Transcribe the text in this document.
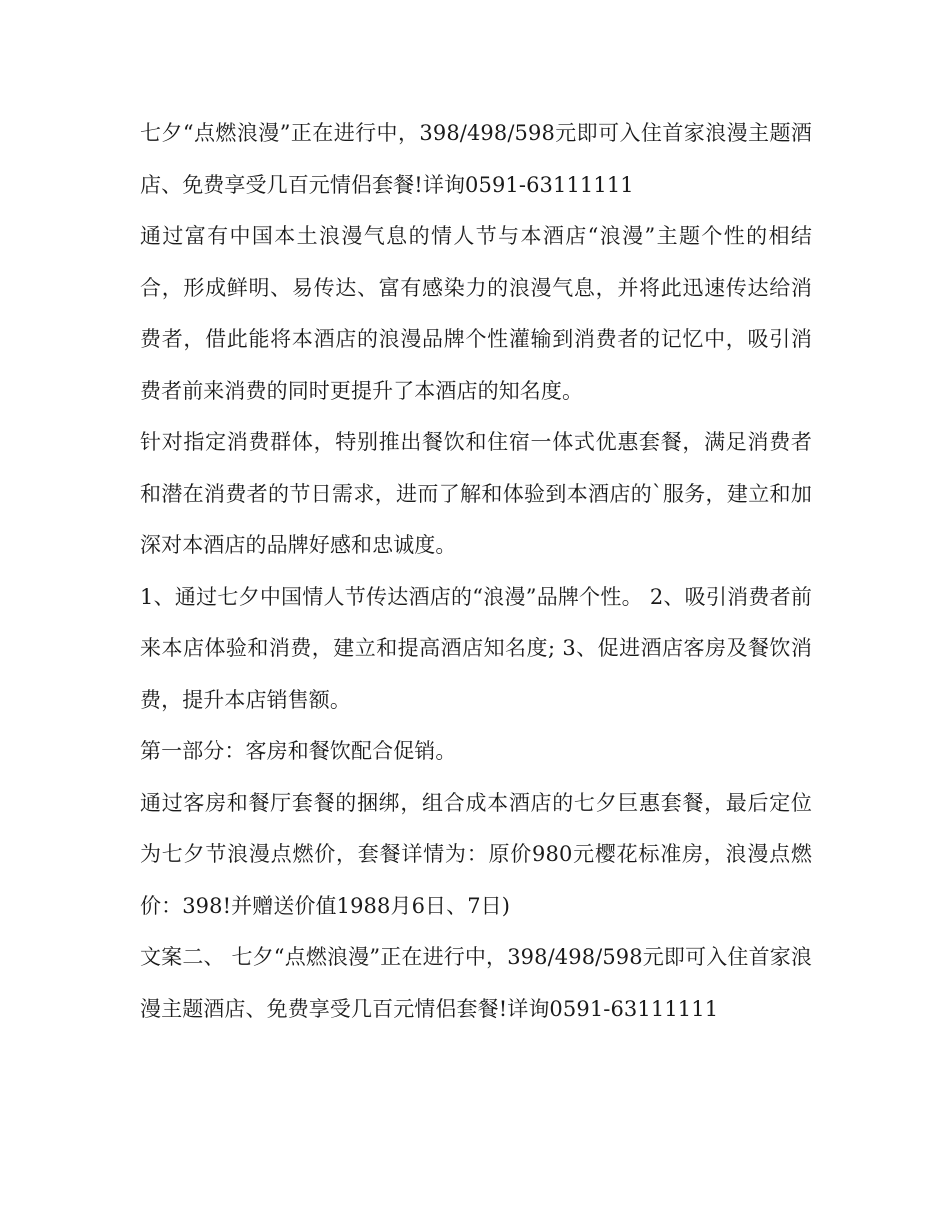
七夕“点燃浪漫”正在进行中，398/498/598元即可入住首家浪漫主题酒店、免费享受几百元情侣套餐!详询0591-63111111

通过富有中国本土浪漫气息的情人节与本酒店“浪漫”主题个性的相结合，形成鲜明、易传达、富有感染力的浪漫气息，并将此迅速传达给消费者，借此能将本酒店的浪漫品牌个性灌输到消费者的记忆中，吸引消费者前来消费的同时更提升了本酒店的知名度。

针对指定消费群体，特别推出餐饮和住宿一体式优惠套餐，满足消费者和潜在消费者的节日需求，进而了解和体验到本酒店的`服务，建立和加深对本酒店的品牌好感和忠诚度。

1、通过七夕中国情人节传达酒店的“浪漫”品牌个性。 2、吸引消费者前来本店体验和消费，建立和提高酒店知名度; 3、促进酒店客房及餐饮消费，提升本店销售额。

第一部分：客房和餐饮配合促销。

通过客房和餐厅套餐的捆绑，组合成本酒店的七夕巨惠套餐，最后定位为七夕节浪漫点燃价，套餐详情为：原价980元樱花标准房，浪漫点燃价：398!并赠送价值1988月6日、7日)

文案二、 七夕“点燃浪漫”正在进行中，398/498/598元即可入住首家浪漫主题酒店、免费享受几百元情侣套餐!详询0591-63111111
